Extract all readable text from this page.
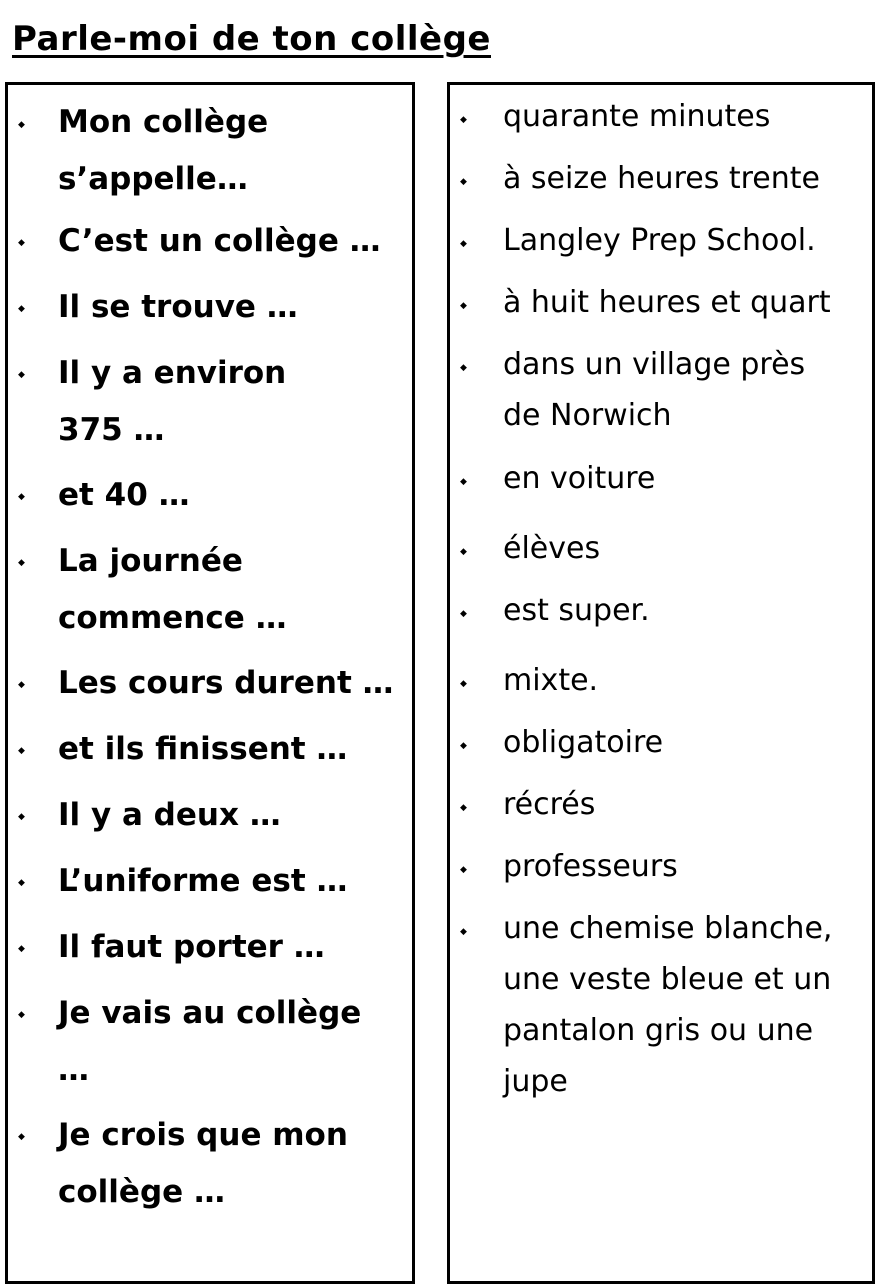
Parle-moi de ton collège
◆ Mon collège
s’appelle…
◆ C’est un collège …
◆ Il se trouve …
◆ Il y a environ
375 …
◆ et 40 …
◆ La journée
commence …
◆ Les cours durent …
◆ et ils finissent …
◆ Il y a deux …
◆ L’uniforme est …
◆ Il faut porter …
◆ Je vais au collège
…
◆ Je crois que mon
collège …
◆ quarante minutes
◆ à seize heures trente
◆ Langley Prep School.
◆ à huit heures et quart
◆ dans un village près
de Norwich
◆ en voiture
◆ élèves
◆ est super.
◆ mixte.
◆ obligatoire
◆ récrés
◆ professeurs
◆ une chemise blanche,
une veste bleue et un
pantalon gris ou une
jupe
